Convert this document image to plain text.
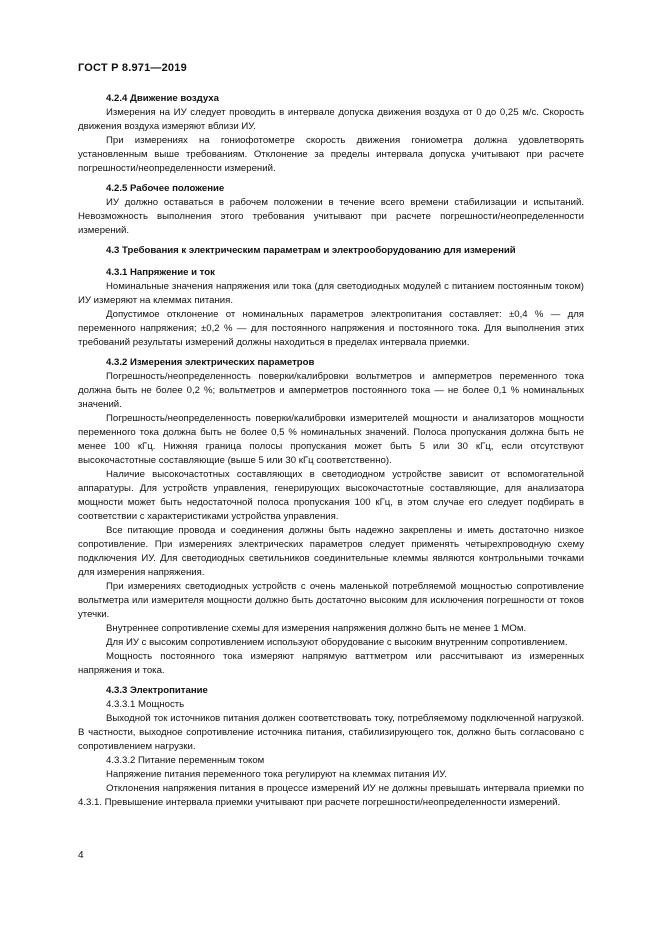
ГОСТ Р 8.971—2019
4.2.4 Движение воздуха
Измерения на ИУ следует проводить в интервале допуска движения воздуха от 0 до 0,25 м/с. Скорость движения воздуха измеряют вблизи ИУ.
При измерениях на гониофотометре скорость движения гониометра должна удовлетворять установленным выше требованиям. Отклонение за пределы интервала допуска учитывают при расчете погрешности/неопределенности измерений.
4.2.5 Рабочее положение
ИУ должно оставаться в рабочем положении в течение всего времени стабилизации и испытаний. Невозможность выполнения этого требования учитывают при расчете погрешности/неопределенности измерений.
4.3 Требования к электрическим параметрам и электрооборудованию для измерений
4.3.1 Напряжение и ток
Номинальные значения напряжения или тока (для светодиодных модулей с питанием постоянным током) ИУ измеряют на клеммах питания.
Допустимое отклонение от номинальных параметров электропитания составляет: ±0,4 % — для переменного напряжения; ±0,2 % — для постоянного напряжения и постоянного тока. Для выполнения этих требований результаты измерений должны находиться в пределах интервала приемки.
4.3.2 Измерения электрических параметров
Погрешность/неопределенность поверки/калибровки вольтметров и амперметров переменного тока должна быть не более 0,2 %; вольтметров и амперметров постоянного тока — не более 0,1 % номинальных значений.
Погрешность/неопределенность поверки/калибровки измерителей мощности и анализаторов мощности переменного тока должна быть не более 0,5 % номинальных значений. Полоса пропускания должна быть не менее 100 кГц. Нижняя граница полосы пропускания может быть 5 или 30 кГц, если отсутствуют высокочастотные составляющие (выше 5 или 30 кГц соответственно).
Наличие высокочастотных составляющих в светодиодном устройстве зависит от вспомогательной аппаратуры. Для устройств управления, генерирующих высокочастотные составляющие, для анализатора мощности может быть недостаточной полоса пропускания 100 кГц, в этом случае его следует подбирать в соответствии с характеристиками устройства управления.
Все питающие провода и соединения должны быть надежно закреплены и иметь достаточно низкое сопротивление. При измерениях электрических параметров следует применять четырехпроводную схему подключения ИУ. Для светодиодных светильников соединительные клеммы являются контрольными точками для измерения напряжения.
При измерениях светодиодных устройств с очень маленькой потребляемой мощностью сопротивление вольтметра или измерителя мощности должно быть достаточно высоким для исключения погрешности от токов утечки.
Внутреннее сопротивление схемы для измерения напряжения должно быть не менее 1 МОм.
Для ИУ с высоким сопротивлением используют оборудование с высоким внутренним сопротивлением.
Мощность постоянного тока измеряют напрямую ваттметром или рассчитывают из измеренных напряжения и тока.
4.3.3 Электропитание
4.3.3.1 Мощность
Выходной ток источников питания должен соответствовать току, потребляемому подключенной нагрузкой. В частности, выходное сопротивление источника питания, стабилизирующего ток, должно быть согласовано с сопротивлением нагрузки.
4.3.3.2 Питание переменным током
Напряжение питания переменного тока регулируют на клеммах питания ИУ.
Отклонения напряжения питания в процессе измерений ИУ не должны превышать интервала приемки по 4.3.1. Превышение интервала приемки учитывают при расчете погрешности/неопределенности измерений.
4
